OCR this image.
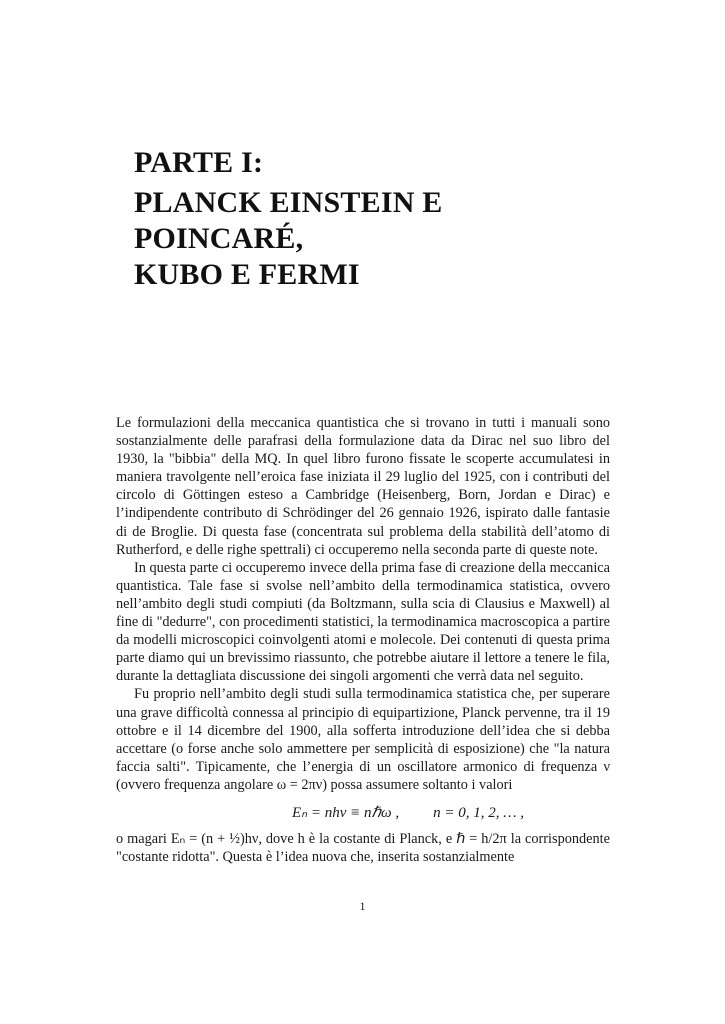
PARTE I:
PLANCK EINSTEIN E POINCARÉ,
KUBO E FERMI

Le formulazioni della meccanica quantistica che si trovano in tutti i manuali sono sostanzialmente delle parafrasi della formulazione data da Dirac nel suo libro del 1930, la "bibbia" della MQ. In quel libro furono fissate le scoperte accumulatesi in maniera travolgente nell’eroica fase iniziata il 29 luglio del 1925, con i contributi del circolo di Göttingen esteso a Cambridge (Heisenberg, Born, Jordan e Dirac) e l’indipendente contributo di Schrödinger del 26 gennaio 1926, ispirato dalle fantasie di de Broglie. Di questa fase (concentrata sul problema della stabilità dell’atomo di Rutherford, e delle righe spettrali) ci occuperemo nella seconda parte di queste note.

In questa parte ci occuperemo invece della prima fase di creazione della meccanica quantistica. Tale fase si svolse nell’ambito della termodinamica statistica, ovvero nell’ambito degli studi compiuti (da Boltzmann, sulla scia di Clausius e Maxwell) al fine di "dedurre", con procedimenti statistici, la termodinamica macroscopica a partire da modelli microscopici coinvolgenti atomi e molecole. Dei contenuti di questa prima parte diamo qui un brevissimo riassunto, che potrebbe aiutare il lettore a tenere le fila, durante la dettagliata discussione dei singoli argomenti che verrà data nel seguito.

Fu proprio nell’ambito degli studi sulla termodinamica statistica che, per superare una grave difficoltà connessa al principio di equipartizione, Planck pervenne, tra il 19 ottobre e il 14 dicembre del 1900, alla sofferta introduzione dell’idea che si debba accettare (o forse anche solo ammettere per semplicità di esposizione) che "la natura faccia salti". Tipicamente, che l’energia di un oscillatore armonico di frequenza ν (ovvero frequenza angolare ω = 2πν) possa assumere soltanto i valori

Eₙ = nhν ≡ nℏω , n = 0, 1, 2, … ,

o magari Eₙ = (n + ½)hν, dove h è la costante di Planck, e ℏ = h/2π la corrispondente "costante ridotta". Questa è l’idea nuova che, inserita sostanzialmente

1
